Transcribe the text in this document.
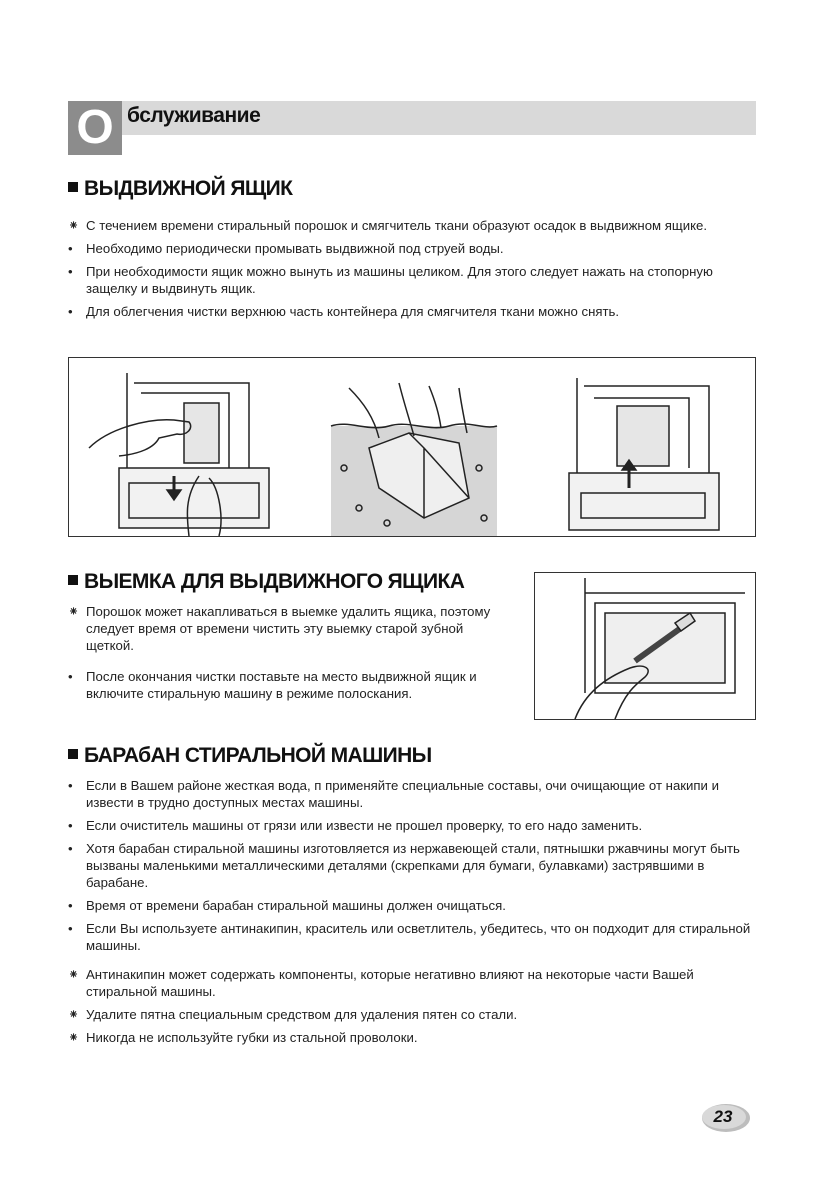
О бслуживание
ВЫДВИЖНОЙ ЯЩИК
⁕ С течением времени стиральный порошок и смягчитель ткани образуют осадок в выдвижном ящике.
•	Необходимо периодически промывать выдвижной под струей воды.
•	При необходимости ящик можно вынуть из машины целиком. Для этого следует нажать на стопорную защелку и выдвинуть ящик.
•	Для облегчения чистки верхнюю часть контейнера для смягчителя ткани можно снять.
ВЫЕМКА ДЛЯ ВЫДВИЖНОГО ЯЩИКА
⁕ Порошок может накапливаться в выемке удалить ящика, поэтому следует время от времени чистить эту выемку старой зубной щеткой.
•	После окончания чистки поставьте на место выдвижной ящик и включите стиральную машину в режиме полоскания.
БАРАбАН СТИРАЛЬНОЙ МАШИНЫ
•	Если в Вашем районе жесткая вода, п применяйте специальные составы, очи очищающие от накипи и извести в трудно доступных местах машины.
•	Если очиститель машины от грязи или извести не прошел проверку, то его надо заменить.
•	Хотя барабан стиральной машины изготовляется из нержавеющей стали, пятнышки ржавчины могут быть вызваны маленькими металлическими деталями (скрепками для бумаги, булавками) застрявшими в барабане.
•	Время от времени барабан стиральной машины должен очищаться.
•	Если Вы используете антинакипин, краситель или осветлитель, убедитесь, что он подходит для стиральной машины.
⁕ Антинакипин может содержать компоненты, которые негативно влияют на некоторые части Вашей стиральной машины.
⁕ Удалите пятна специальным средством для удаления пятен со стали.
⁕ Никогда не используйте губки из стальной проволоки.
23
